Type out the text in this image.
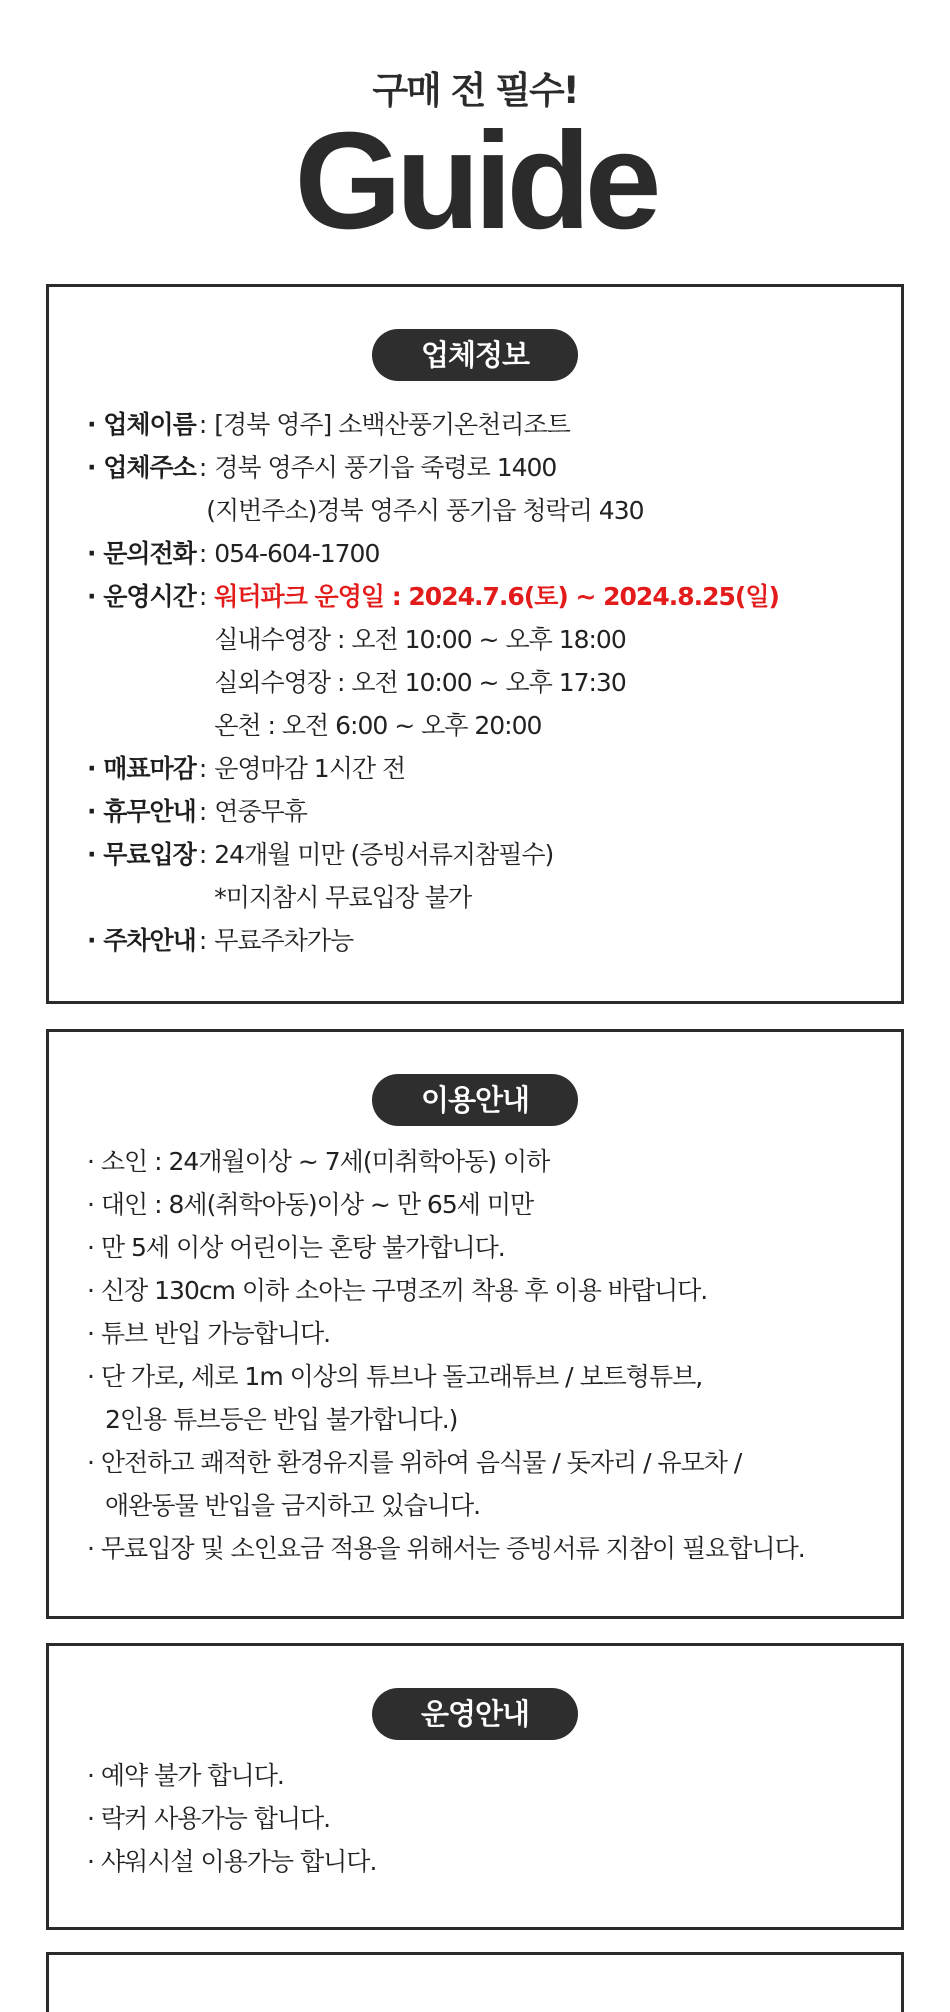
구매 전 필수!
Guide
업체정보
· 업체이름 : [경북 영주] 소백산풍기온천리조트
· 업체주소 : 경북 영주시 풍기읍 죽령로 1400
(지번주소)경북 영주시 풍기읍 청락리 430
· 문의전화 : 054-604-1700
· 운영시간 : 워터파크 운영일 : 2024.7.6(토) ~ 2024.8.25(일)
실내수영장 : 오전 10:00 ~ 오후 18:00
실외수영장 : 오전 10:00 ~ 오후 17:30
온천 : 오전 6:00 ~ 오후 20:00
· 매표마감 : 운영마감 1시간 전
· 휴무안내 : 연중무휴
· 무료입장 : 24개월 미만 (증빙서류지참필수)
*미지참시 무료입장 불가
· 주차안내 : 무료주차가능
이용안내
· 소인 : 24개월이상 ~ 7세(미취학아동) 이하
· 대인 : 8세(취학아동)이상 ~ 만 65세 미만
· 만 5세 이상 어린이는 혼탕 불가합니다.
· 신장 130cm 이하 소아는 구명조끼 착용 후 이용 바랍니다.
· 튜브 반입 가능합니다.
· 단 가로, 세로 1m 이상의 튜브나 돌고래튜브 / 보트형튜브,
2인용 튜브등은 반입 불가합니다.)
· 안전하고 쾌적한 환경유지를 위하여 음식물 / 돗자리 / 유모차 /
애완동물 반입을 금지하고 있습니다.
· 무료입장 및 소인요금 적용을 위해서는 증빙서류 지참이 필요합니다.
운영안내
· 예약 불가 합니다.
· 락커 사용가능 합니다.
· 샤워시설 이용가능 합니다.
